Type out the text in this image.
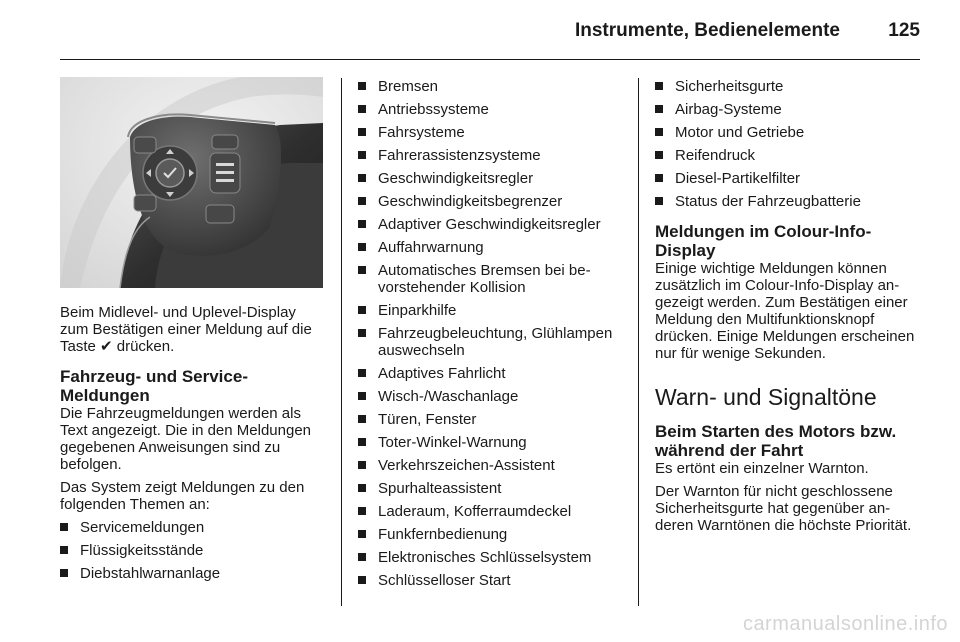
Instrumente, Bedienelemente	125

Beim Midlevel- und Uplevel-Display zum Bestätigen einer Meldung auf die Taste ✔ drücken.

Fahrzeug- und Service-Meldungen

Die Fahrzeugmeldungen werden als Text angezeigt. Die in den Meldungen gegebenen Anweisungen sind zu befolgen.

Das System zeigt Meldungen zu den folgenden Themen an:

Servicemeldungen
Flüssigkeitsstände
Diebstahlwarnanlage
Bremsen
Antriebssysteme
Fahrsysteme
Fahrerassistenzsysteme
Geschwindigkeitsregler
Geschwindigkeitsbegrenzer
Adaptiver Geschwindigkeitsregler
Auffahrwarnung
Automatisches Bremsen bei bevorstehender Kollision
Einparkhilfe
Fahrzeugbeleuchtung, Glühlampen auswechseln
Adaptives Fahrlicht
Wisch-/Waschanlage
Türen, Fenster
Toter-Winkel-Warnung
Verkehrszeichen-Assistent
Spurhalteassistent
Laderaum, Kofferraumdeckel
Funkfernbedienung
Elektronisches Schlüsselsystem
Schlüsselloser Start
Sicherheitsgurte
Airbag-Systeme
Motor und Getriebe
Reifendruck
Diesel-Partikelfilter
Status der Fahrzeugbatterie
Meldungen im Colour-Info-Display

Einige wichtige Meldungen können zusätzlich im Colour-Info-Display angezeigt werden. Zum Bestätigen einer Meldung den Multifunktionsknopf drücken. Einige Meldungen erscheinen nur für wenige Sekunden.

Warn- und Signaltöne
Beim Starten des Motors bzw. während der Fahrt

Es ertönt ein einzelner Warnton.

Der Warnton für nicht geschlossene Sicherheitsgurte hat gegenüber anderen Warntönen die höchste Priorität.

carmanualsonline.info
